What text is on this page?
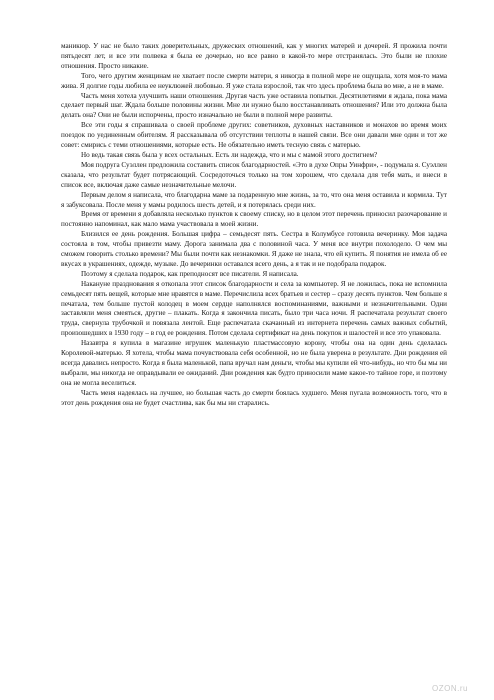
маникюр. У нас не было таких доверительных, дружеских отношений, как у многих матерей и дочерей. Я прожила почти пятьдесят лет, и все эти полвека я была ее дочерью, но все равно в какой-то мере отстранялась. Это были не плохие отношения. Просто никакие.

Того, чего другим женщинам не хватает после смерти матери, я никогда в полной мере не ощущала, хотя моя-то мама жива. Я долгие годы любила ее неуклюжей любовью. Я уже стала взрослой, так что здесь проблема была во мне, а не в маме.

Часть меня хотела улучшить наши отношения. Другая часть уже оставила попытки. Десятилетиями я ждала, пока мама сделает первый шаг. Ждала больше половины жизни. Мне ли нужно было восстанавливать отношения? Или это должна была делать она? Они не были испорчены, просто изначально не были в полной мере развиты.

Все эти годы я спрашивала о своей проблеме других: советников, духовных наставников и монахов во время моих поездок по уединенным обителям. Я рассказывала об отсутствии теплоты в нашей связи. Все они давали мне один и тот же совет: смирись с теми отношениями, которые есть. Не обязательно иметь тесную связь с матерью.

Но ведь такая связь была у всех остальных. Есть ли надежда, что и мы с мамой этого достигнем?

Моя подруга Суэллен предложила составить список благодарностей. «Это в духе Опры Уинфри», - подумала я. Суэллен сказала, что результат будет потрясающий. Сосредоточься только на том хорошем, что сделала для тебя мать, и внеси в список все, включая даже самые незначительные мелочи.

Первым делом я написала, что благодарна маме за подаренную мне жизнь, за то, что она меня оставила и кормила. Тут я забуксовала. После меня у мамы родилось шесть детей, и я потерялась среди них.

Время от времени я добавляла несколько пунктов к своему списку, но в целом этот перечень приносил разочарование и постоянно напоминал, как мало мама участвовала в моей жизни.

Близился ее день рождения. Большая цифра – семьдесят пять. Сестра в Колумбусе готовила вечеринку. Моя задача состояла в том, чтобы привезти маму. Дорога занимала два с половиной часа. У меня все внутри похолодело. О чем мы сможем говорить столько времени? Мы были почти как незнакомки. Я даже не знала, что ей купить. Я понятия не имела об ее вкусах в украшениях, одежде, музыке. До вечеринки оставался всего день, а я так и не подобрала подарок.

Поэтому я сделала подарок, как преподносят все писатели. Я написала.

Накануне празднования я откопала этот список благодарности и села за компьютер. Я не ложилась, пока не вспомнила семьдесят пять вещей, которые мне нравятся в маме. Перечислила всех братьев и сестер – сразу десять пунктов. Чем больше я печатала, тем больше пустой колодец в моем сердце наполнялся воспоминаниями, важными и незначительными. Одни заставляли меня смеяться, другие – плакать. Когда я закончила писать, было три часа ночи. Я распечатала результат своего труда, свернула трубочкой и повязала лентой. Еще распечатала скачанный из интернета перечень самых важных событий, произошедших в 1930 году – в год ее рождения. Потом сделала сертификат на день покупок и шалостей и все это упаковала.

Назавтра я купила в магазине игрушек маленькую пластмассовую корону, чтобы она на один день сделалась Королевой-матерью. Я хотела, чтобы мама почувствовала себя особенной, но не была уверена в результате. Дни рождения ей всегда давались непросто. Когда я была маленькой, папа вручал нам деньги, чтобы мы купили ей что-нибудь, но что бы мы ни выбрали, мы никогда не оправдывали ее ожиданий. Дни рождения как будто приносили маме какое-то тайное горе, и поэтому она не могла веселиться.

Часть меня надеялась на лучшее, но большая часть до смерти боялась худшего. Меня пугала возможность того, что в этот день рождения она не будет счастлива, как бы мы ни старались.

OZON.ru
